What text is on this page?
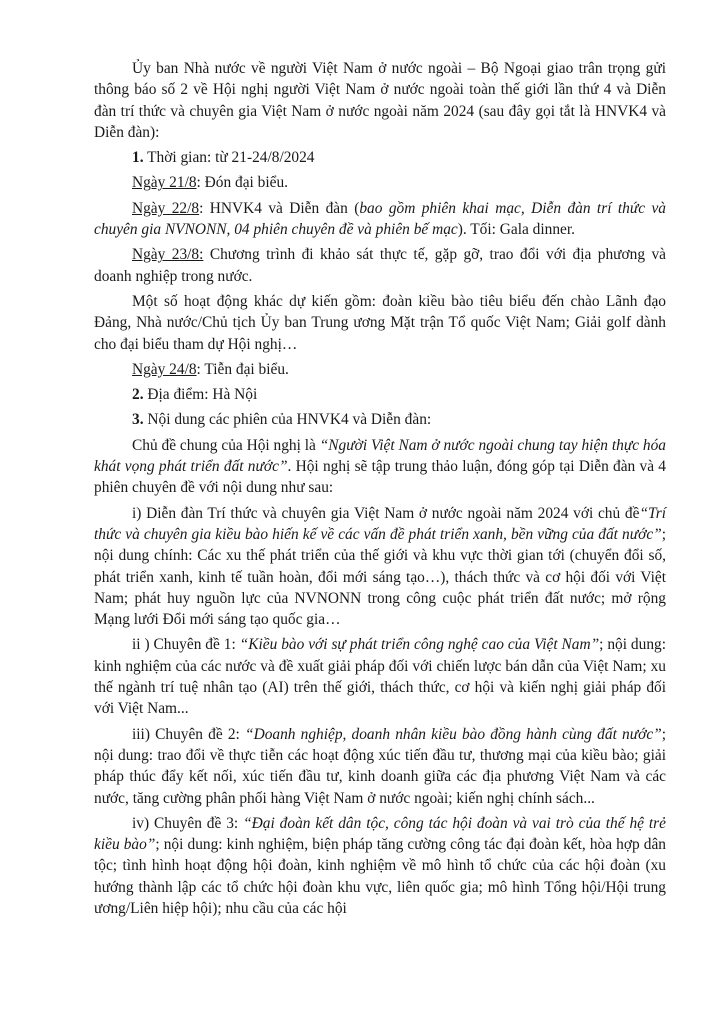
Ủy ban Nhà nước về người Việt Nam ở nước ngoài – Bộ Ngoại giao trân trọng gửi thông báo số 2 về Hội nghị người Việt Nam ở nước ngoài toàn thế giới lần thứ 4 và Diễn đàn trí thức và chuyên gia Việt Nam ở nước ngoài năm 2024 (sau đây gọi tắt là HNVK4 và Diễn đàn):

1. Thời gian: từ 21-24/8/2024

Ngày 21/8: Đón đại biểu.

Ngày 22/8: HNVK4 và Diễn đàn (bao gồm phiên khai mạc, Diễn đàn trí thức và chuyên gia NVNONN, 04 phiên chuyên đề và phiên bế mạc). Tối: Gala dinner.

Ngày 23/8: Chương trình đi khảo sát thực tế, gặp gỡ, trao đổi với địa phương và doanh nghiệp trong nước.

Một số hoạt động khác dự kiến gồm: đoàn kiều bào tiêu biểu đến chào Lãnh đạo Đảng, Nhà nước/Chủ tịch Ủy ban Trung ương Mặt trận Tổ quốc Việt Nam; Giải golf dành cho đại biểu tham dự Hội nghị…

Ngày 24/8: Tiễn đại biểu.

2. Địa điểm: Hà Nội

3. Nội dung các phiên của HNVK4 và Diễn đàn:

Chủ đề chung của Hội nghị là “Người Việt Nam ở nước ngoài chung tay hiện thực hóa khát vọng phát triển đất nước”. Hội nghị sẽ tập trung thảo luận, đóng góp tại Diễn đàn và 4 phiên chuyên đề với nội dung như sau:

i) Diễn đàn Trí thức và chuyên gia Việt Nam ở nước ngoài năm 2024 với chủ đề“Trí thức và chuyên gia kiều bào hiến kế về các vấn đề phát triển xanh, bền vững của đất nước”; nội dung chính: Các xu thế phát triển của thế giới và khu vực thời gian tới (chuyển đổi số, phát triển xanh, kinh tế tuần hoàn, đổi mới sáng tạo…), thách thức và cơ hội đối với Việt Nam; phát huy nguồn lực của NVNONN trong công cuộc phát triển đất nước; mở rộng Mạng lưới Đổi mới sáng tạo quốc gia…

ii ) Chuyên đề 1: “Kiều bào với sự phát triển công nghệ cao của Việt Nam”; nội dung: kinh nghiệm của các nước và đề xuất giải pháp đối với chiến lược bán dẫn của Việt Nam; xu thế ngành trí tuệ nhân tạo (AI) trên thế giới, thách thức, cơ hội và kiến nghị giải pháp đối với Việt Nam...

iii) Chuyên đề 2: “Doanh nghiệp, doanh nhân kiều bào đồng hành cùng đất nước”; nội dung: trao đổi về thực tiễn các hoạt động xúc tiến đầu tư, thương mại của kiều bào; giải pháp thúc đẩy kết nối, xúc tiến đầu tư, kinh doanh giữa các địa phương Việt Nam và các nước, tăng cường phân phối hàng Việt Nam ở nước ngoài; kiến nghị chính sách...

iv) Chuyên đề 3: “Đại đoàn kết dân tộc, công tác hội đoàn và vai trò của thế hệ trẻ kiều bào”; nội dung: kinh nghiệm, biện pháp tăng cường công tác đại đoàn kết, hòa hợp dân tộc; tình hình hoạt động hội đoàn, kinh nghiệm về mô hình tổ chức của các hội đoàn (xu hướng thành lập các tổ chức hội đoàn khu vực, liên quốc gia; mô hình Tổng hội/Hội trung ương/Liên hiệp hội); nhu cầu của các hội
